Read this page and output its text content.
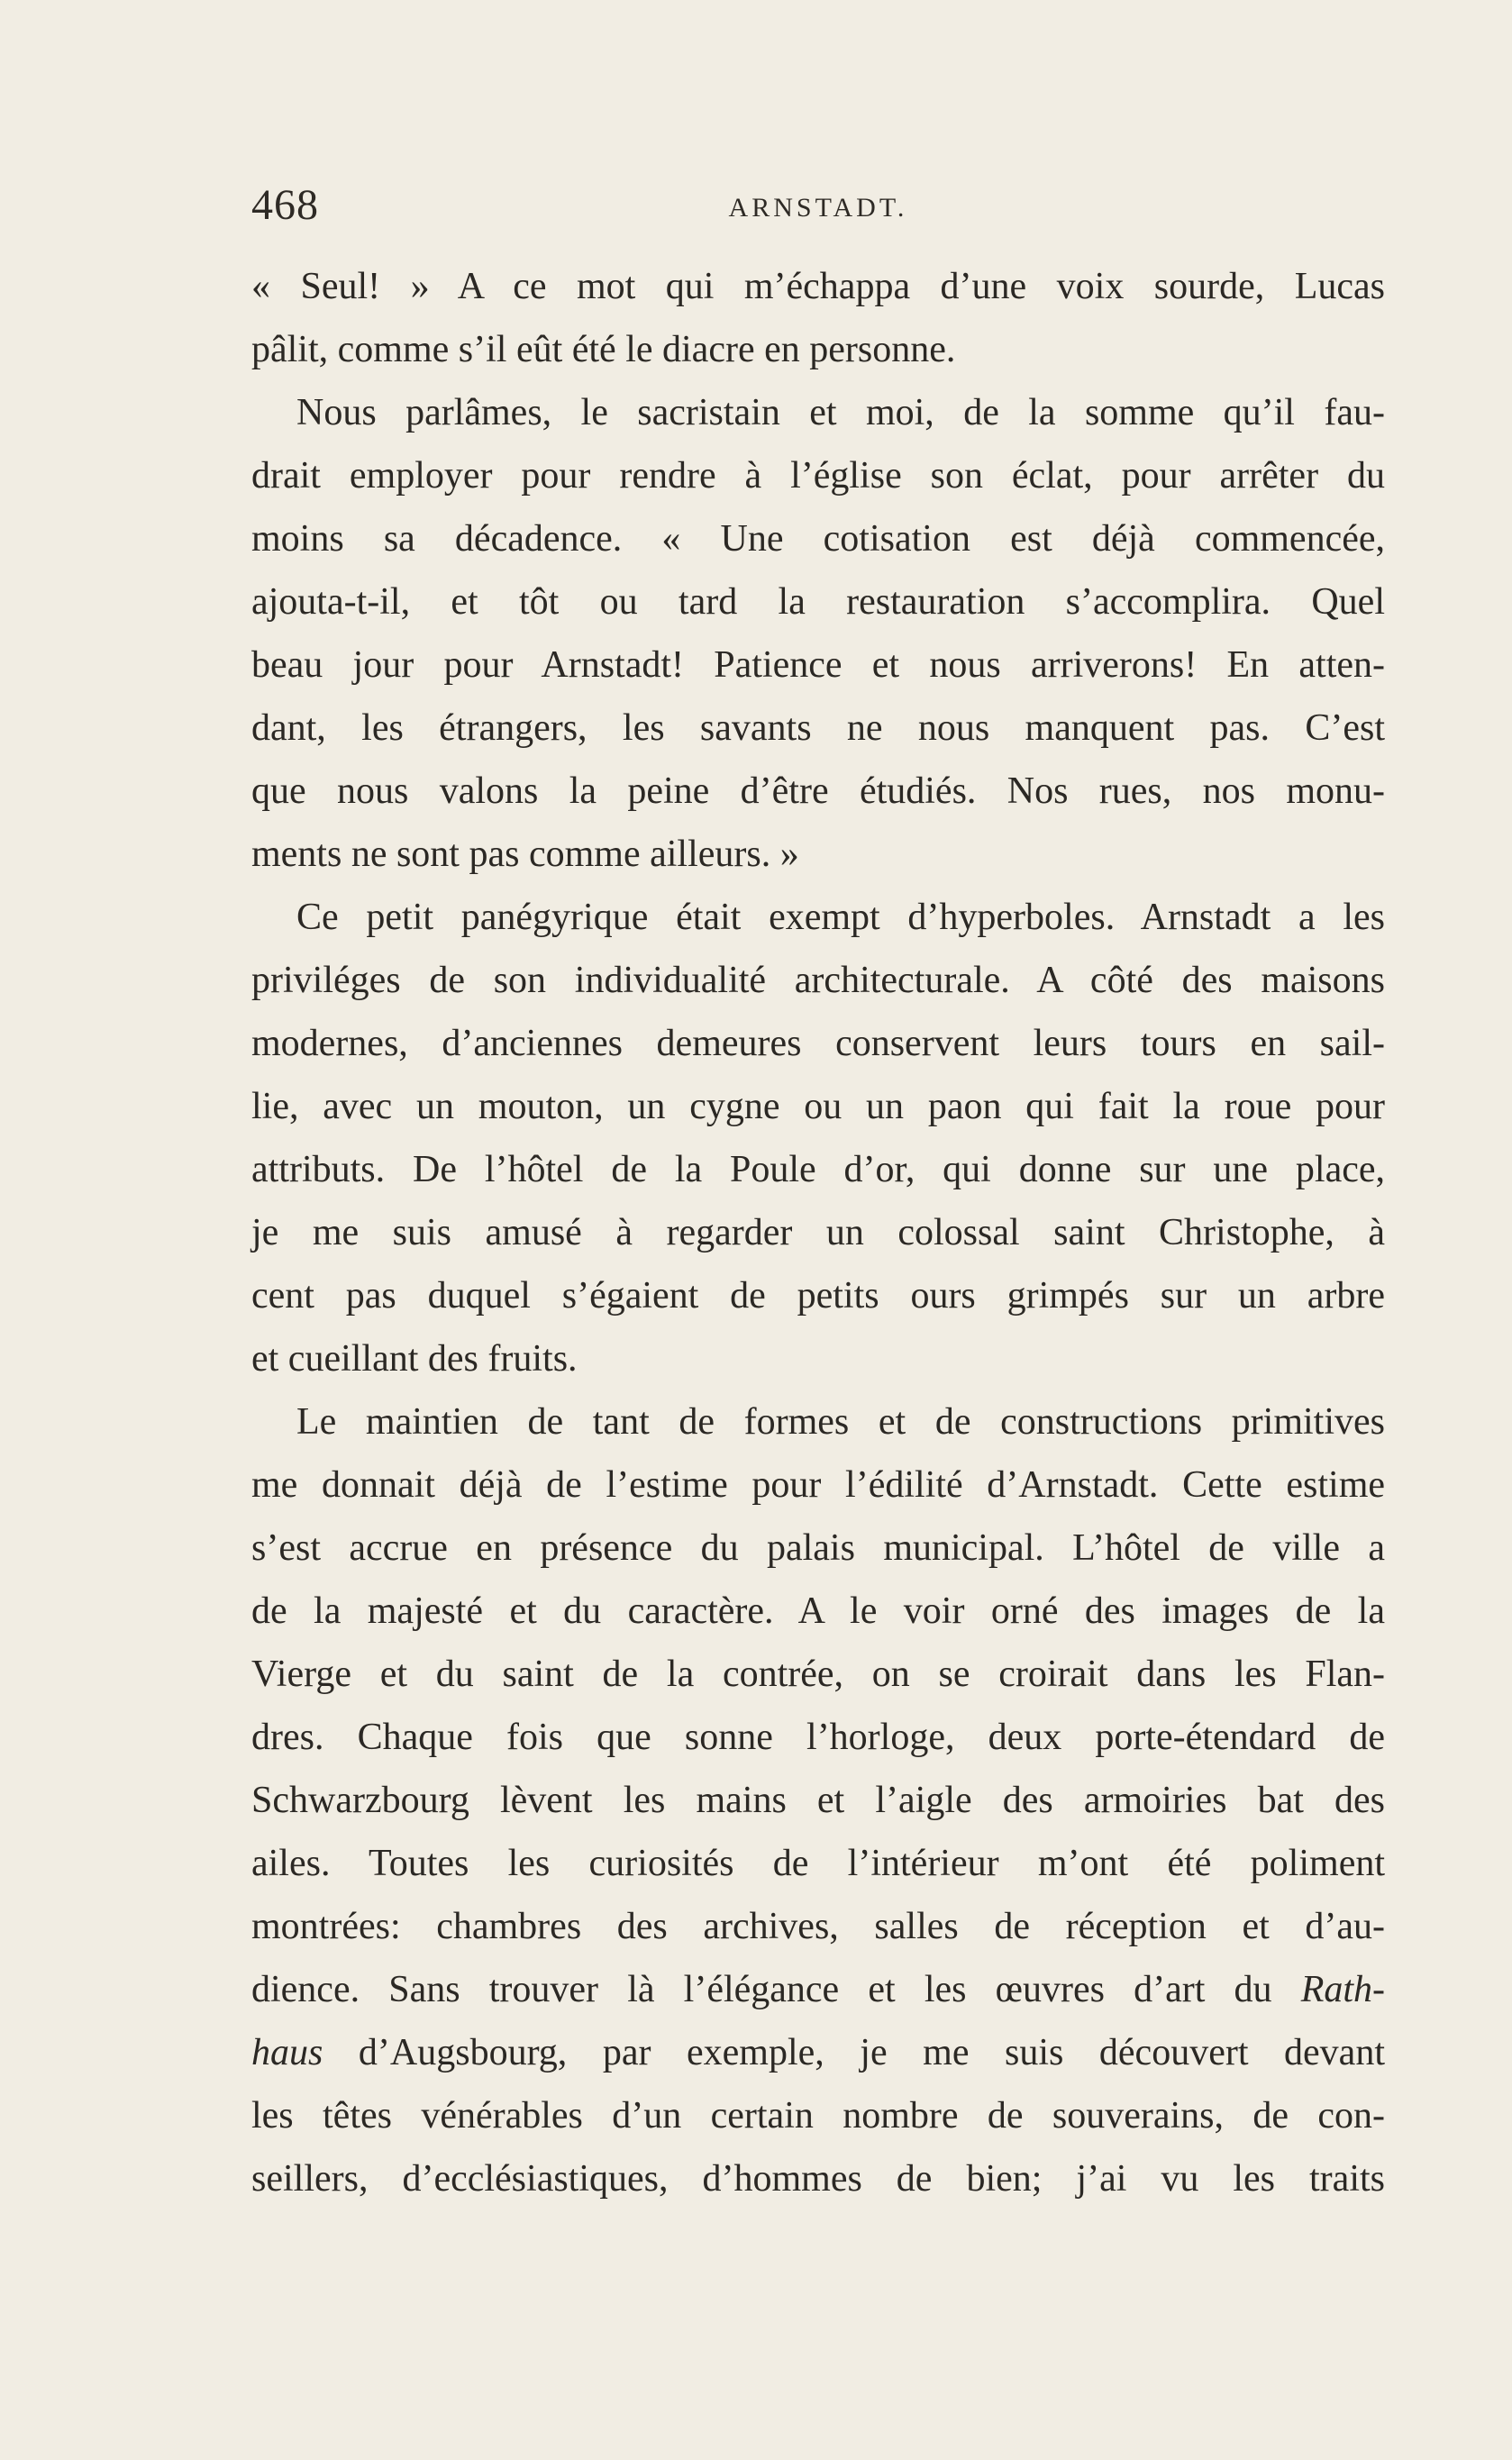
468	ARNSTADT.
« Seul! » A ce mot qui m’échappa d’une voix sourde, Lucas
pâlit, comme s’il eût été le diacre en personne.
Nous parlâmes, le sacristain et moi, de la somme qu’il fau-
drait employer pour rendre à l’église son éclat, pour arrêter du
moins sa décadence. « Une cotisation est déjà commencée,
ajouta-t-il, et tôt ou tard la restauration s’accomplira. Quel
beau jour pour Arnstadt! Patience et nous arriverons! En atten-
dant, les étrangers, les savants ne nous manquent pas. C’est
que nous valons la peine d’être étudiés. Nos rues, nos monu-
ments ne sont pas comme ailleurs. »
Ce petit panégyrique était exempt d’hyperboles. Arnstadt a les
priviléges de son individualité architecturale. A côté des maisons
modernes, d’anciennes demeures conservent leurs tours en sail-
lie, avec un mouton, un cygne ou un paon qui fait la roue pour
attributs. De l’hôtel de la Poule d’or, qui donne sur une place,
je me suis amusé à regarder un colossal saint Christophe, à
cent pas duquel s’égaient de petits ours grimpés sur un arbre
et cueillant des fruits.
Le maintien de tant de formes et de constructions primitives
me donnait déjà de l’estime pour l’édilité d’Arnstadt. Cette estime
s’est accrue en présence du palais municipal. L’hôtel de ville a
de la majesté et du caractère. A le voir orné des images de la
Vierge et du saint de la contrée, on se croirait dans les Flan-
dres. Chaque fois que sonne l’horloge, deux porte-étendard de
Schwarzbourg lèvent les mains et l’aigle des armoiries bat des
ailes. Toutes les curiosités de l’intérieur m’ont été poliment
montrées: chambres des archives, salles de réception et d’au-
dience. Sans trouver là l’élégance et les œuvres d’art du Rath-
haus d’Augsbourg, par exemple, je me suis découvert devant
les têtes vénérables d’un certain nombre de souverains, de con-
seillers, d’ecclésiastiques, d’hommes de bien; j’ai vu les traits
